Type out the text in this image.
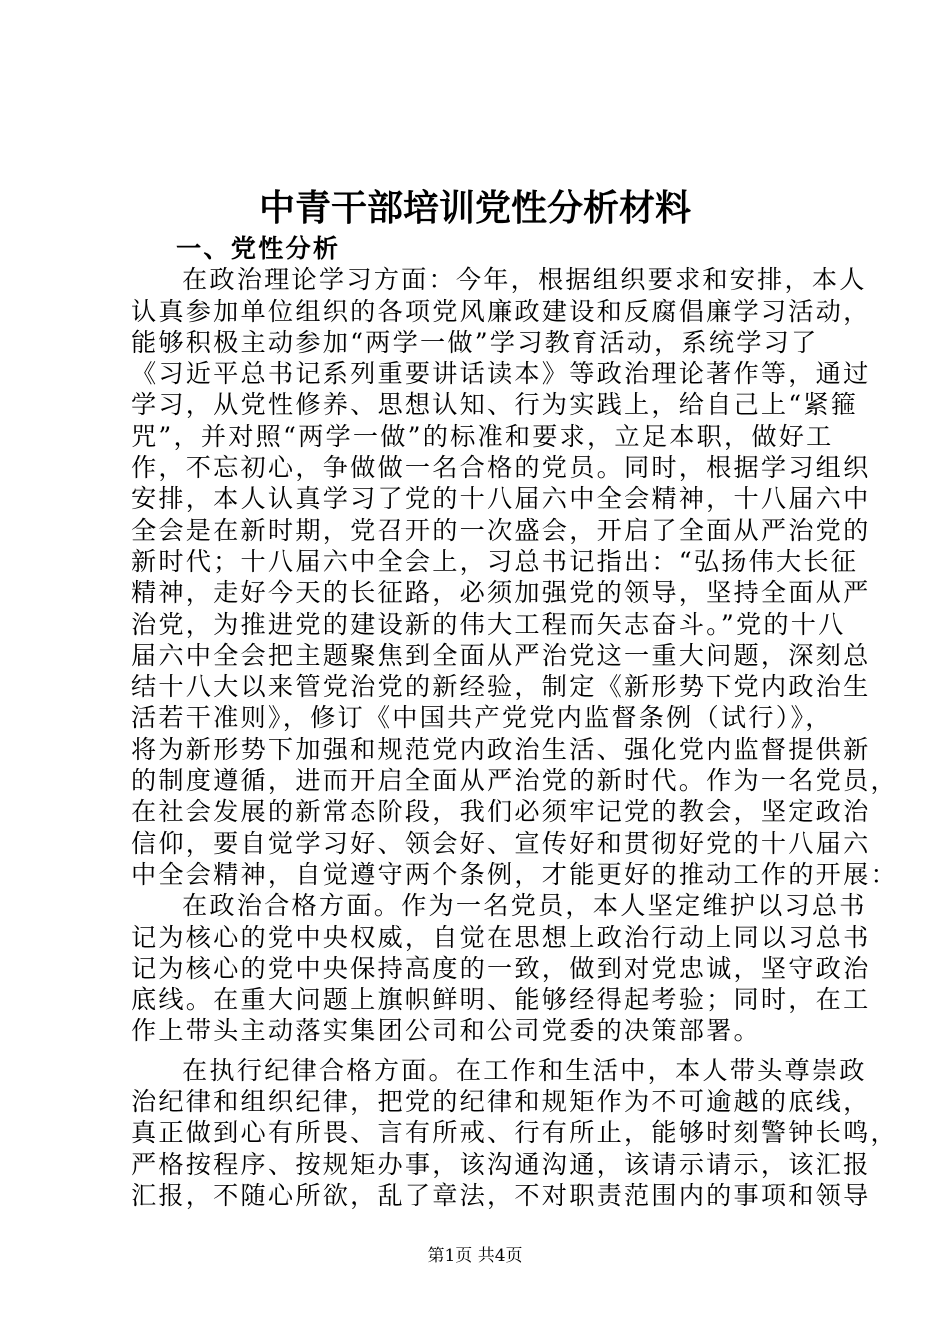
中青干部培训党性分析材料
一、党性分析
在政治理论学习方面：今年，根据组织要求和安排，本人
认真参加单位组织的各项党风廉政建设和反腐倡廉学习活动，
能够积极主动参加“两学一做”学习教育活动，系统学习了
《习近平总书记系列重要讲话读本》等政治理论著作等，通过
学习，从党性修养、思想认知、行为实践上，给自己上“紧箍
咒”，并对照“两学一做”的标准和要求，立足本职，做好工
作，不忘初心，争做做一名合格的党员。同时，根据学习组织
安排，本人认真学习了党的十八届六中全会精神，十八届六中
全会是在新时期，党召开的一次盛会，开启了全面从严治党的
新时代；十八届六中全会上，习总书记指出：“弘扬伟大长征
精神，走好今天的长征路，必须加强党的领导，坚持全面从严
治党，为推进党的建设新的伟大工程而矢志奋斗。”党的十八
届六中全会把主题聚焦到全面从严治党这一重大问题，深刻总
结十八大以来管党治党的新经验，制定《新形势下党内政治生
活若干准则》，修订《中国共产党党内监督条例（试行）》，
将为新形势下加强和规范党内政治生活、强化党内监督提供新
的制度遵循，进而开启全面从严治党的新时代。作为一名党员，
在社会发展的新常态阶段，我们必须牢记党的教会，坚定政治
信仰，要自觉学习好、领会好、宣传好和贯彻好党的十八届六
中全会精神，自觉遵守两个条例，才能更好的推动工作的开展：
在政治合格方面。作为一名党员，本人坚定维护以习总书
记为核心的党中央权威，自觉在思想上政治行动上同以习总书
记为核心的党中央保持高度的一致，做到对党忠诚，坚守政治
底线。在重大问题上旗帜鲜明、能够经得起考验；同时，在工
作上带头主动落实集团公司和公司党委的决策部署。
在执行纪律合格方面。在工作和生活中，本人带头尊崇政
治纪律和组织纪律，把党的纪律和规矩作为不可逾越的底线，
真正做到心有所畏、言有所戒、行有所止，能够时刻警钟长鸣，
严格按程序、按规矩办事，该沟通沟通，该请示请示，该汇报
汇报，不随心所欲，乱了章法，不对职责范围内的事项和领导
第1页 共4页
